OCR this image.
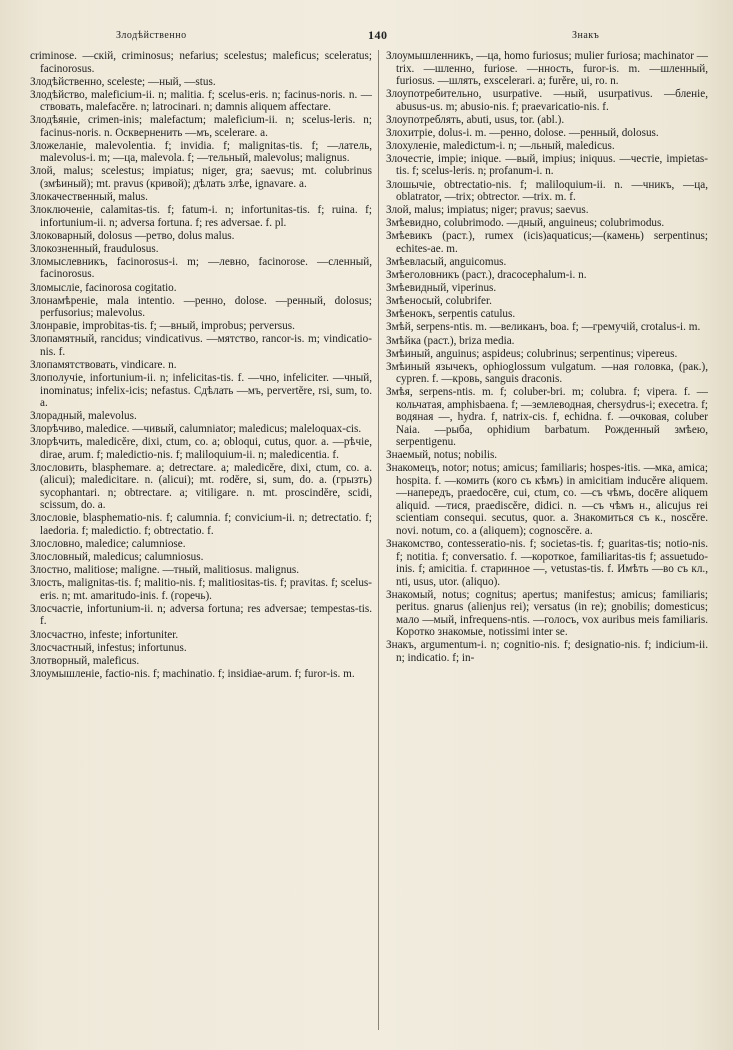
Злодѣйственно	140	Знакъ

criminose. —скій, criminosus; nefarius; scelestus; maleficus; sceleratus; facinorosus.

Злодѣйственно, sceleste; —ный, —stus.

Злодѣйство, maleficium-ii. n; malitia. f; scelus-eris. n; facinus-noris. n. —ствовать, malefacĕre. n; latrocinari. n; damnis aliquem affectare.

Злодѣяніе, crimen-inis; malefactum; maleficium-ii. n; scelus-leris. n; facinus-noris. n. Оскверненить —мъ, scelerare. a.

Зложеланіе, malevolentia. f; invidia. f; malignitas-tis. f; —латель, malevolus-i. m; —ца, malevola. f; —тельный, malevolus; malignus.

Злой, malus; scelestus; impiatus; niger, gra; saevus; mt. colubrinus (змѣиный); mt. pravus (кривой); дѣлать злѣе, ignavare. a.

Злокачественный, malus.

Злоключеніе, calamitas-tis. f; fatum-i. n; infortunitas-tis. f; ruina. f; infortunium-ii. n; adversa fortuna. f; res adversae. f. pl.

Злоковарный, dolosus —ретво, dolus malus.

Злокозненный, fraudulosus.

Зломыслевникъ, facinorosus-i. m; —левно, facinorose. —сленный, facinorosus.

Зломысліе, facinorosa cogitatio.

Злонамѣреніе, mala intentio. —ренно, dolose. —ренный, dolosus; perfusorius; malevolus.

Злонравіе, improbitas-tis. f; —вный, improbus; perversus.

Злопамятный, rancidus; vindicativus. —мятство, rancor-is. m; vindicatio-nis. f.

Злопамятствовать, vindicare. n.

Злополучіе, infortunium-ii. n; infelicitas-tis. f. —чно, infeliciter. —чный, inominatus; infelix-icis; nefastus. Сдѣлать —мъ, pervertĕre, rsi, sum, to. a.

Злорадный, malevolus.

Злорѣчиво, maledice. —чивый, calumniator; maledicus; maleloquax-cis.

Злорѣчить, maledicĕre, dixi, ctum, co. a; obloqui, cutus, quor. a. —рѣчіе, dirae, arum. f; maledictio-nis. f; maliloquium-ii. n; maledicentia. f.

Злословить, blasphemare. a; detrectare. a; maledicĕre, dixi, ctum, co. a. (alicui); maledicitare. n. (alicui); mt. rodĕre, si, sum, do. a. (грызть) sycophantari. n; obtrectare. a; vitiligare. n. mt. proscindĕre, scidi, scissum, do. a.

Злословіе, blasphematio-nis. f; calumnia. f; convicium-ii. n; detrectatio. f; laedoria. f; maledictio. f; obtrectatio. f.

Злословно, maledice; calumniose.

Злословный, maledicus; calumniosus.

Злостно, malitiose; maligne. —тный, malitiosus. malignus.

Злость, malignitas-tis. f; malitio-nis. f; malitiositas-tis. f; pravitas. f; scelus-eris. n; mt. amaritudo-inis. f. (горечь).

Злосчастіе, infortunium-ii. n; adversa fortuna; res adversae; tempestas-tis. f.

Злосчастно, infeste; infortuniter.

Злосчастный, infestus; infortunus.

Злотворный, maleficus.

Злоумышленіе, factio-nis. f; machinatio. f; insidiae-arum. f; furor-is. m.

Злоумышленникъ, —ца, homo furiosus; mulier furiosa; machinator —trix. —шленно, furiose. —нность, furor-is. m. —шленный, furiosus. —шлять, exscelerari. a; furĕre, ui, ro. n.

Злоупотребительно, usurpative. —ный, usurpativus. —бленіе, abusus-us. m; abusio-nis. f; praevaricatio-nis. f.

Злоупотреблять, abuti, usus, tor. (abl.).

Злохитріе, dolus-i. m. —ренно, dolose. —ренный, dolosus.

Злохуленіе, maledictum-i. n; —льный, maledicus.

Злочестіе, impie; inique. —вый, impius; iniquus. —честіе, impietas-tis. f; scelus-leris. n; profanum-i. n.

Злошычіе, obtrectatio-nis. f; maliloquium-ii. n. —чникъ, —ца, oblatrator, —trix; obtrector. —trix. m. f.

Злой, malus; impiatus; niger; pravus; saevus.

Змѣевидно, colubrimodo. —дный, anguineus; colubrimodus.

Змѣевикъ (раст.), rumex (icis)aquaticus;—(камень) serpentinus; echites-ae. m.

Змѣевласый, anguicomus.

Змѣеголовникъ (раст.), dracocephalum-i. n.

Змѣевидный, viperinus.

Змѣеносый, colubrifer.

Змѣенокъ, serpentis catulus.

Змѣй, serpens-ntis. m. —великанъ, boa. f; —гремучій, crotalus-i. m.

Змѣйка (раст.), briza media.

Змѣиный, anguinus; aspideus; colubrinus; serpentinus; vipereus.

Змѣиный язычекъ, ophioglossum vulgatum. —ная головка, (рак.), cypren. f. —кровь, sanguis draconis.

Змѣя, serpens-ntis. m. f; coluber-bri. m; colubra. f; vipera. f. —кольчатая, amphisbaena. f; —землеводная, chersydrus-i; execetra. f; водяная —, hydra. f, natrix-cis. f, echidna. f. —очковая, coluber Naia. —рыба, ophidium barbatum. Рожденный змѣею, serpentigenu.

Знаемый, notus; nobilis.

Знакомецъ, notor; notus; amicus; familiaris; hospes-itis. —мка, amica; hospita. f. —комить (кого съ кѣмъ) in amicitiam inducĕre aliquem. —напередъ, praedocēre, cui, ctum, co. —съ чѣмъ, docēre aliquem aliquid. —тися, praediscĕre, didici. n. —съ чѣмъ н., alicujus rei scientiam consequi. secutus, quor. a. Знакомиться съ к., noscĕre. novi. notum, co. a (aliquem); cognoscĕre. a.

Знакомство, contesseratio-nis. f; societas-tis. f; guaritas-tis; notio-nis. f; notitia. f; conversatio. f. —короткое, familiaritas-tis f; assuetudo-inis. f; amicitia. f. старинное —, vetustas-tis. f. Имѣть —во съ кл., nti, usus, utor. (aliquo).

Знакомый, notus; cognitus; apertus; manifestus; amicus; familiaris; peritus. gnarus (alienjus rei); versatus (in re); gnobilis; domesticus; мало —мый, infrequens-ntis. —голосъ, vox auribus meis familiaris. Коротко знакомые, notissimi inter se.

Знакъ, argumentum-i. n; cognitio-nis. f; designatio-nis. f; indicium-ii. n; indicatio. f; in-
